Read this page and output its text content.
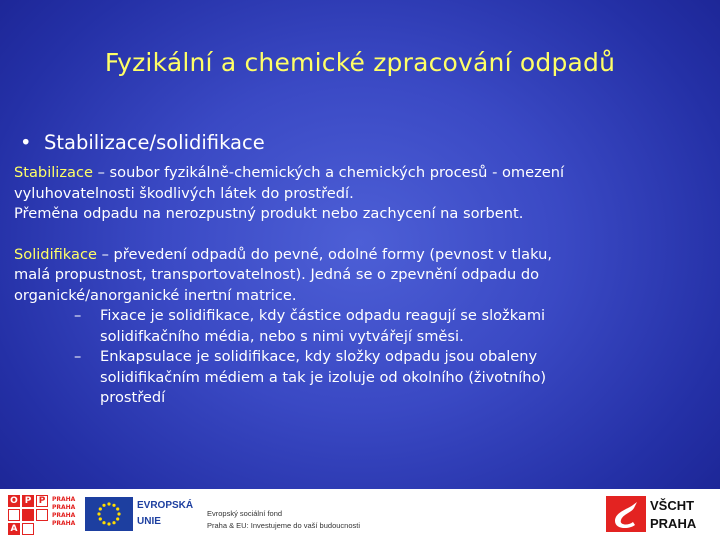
Fyzikální a chemické zpracování odpadů
• Stabilizace/solidifikace
Stabilizace – soubor fyzikálně-chemických a chemických procesů - omezení
vyluhovatelnosti škodlivých látek do prostředí.
Přeměna odpadu na nerozpustný produkt nebo zachycení na sorbent.
Solidifikace – převedení odpadů do pevné, odolné formy (pevnost v tlaku,
malá propustnost, transportovatelnost). Jedná se o zpevnění odpadu do
organické/anorganické inertní matrice.
– Fixace je solidifikace, kdy částice odpadu reagují se složkami
solidifkačního média, nebo s nimi vytvářejí směsi.
– Enkapsulace je solidifikace, kdy složky odpadu jsou obaleny
solidifikačním médiem a tak je izoluje od okolního (životního)
prostředí
O P P
A
PRAHA
PRAHA
PRAHA
PRAHA
EVROPSKÁ
UNIE
Evropský sociální fond
Praha & EU: Investujeme do vaší budoucnosti
VŠCHT
PRAHA
